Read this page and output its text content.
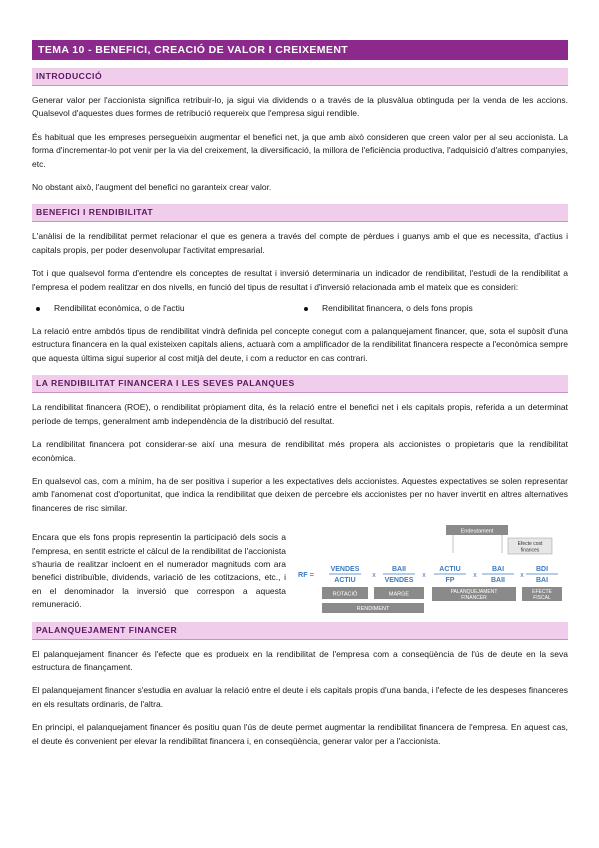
TEMA 10 - BENEFICI, CREACIÓ DE VALOR I CREIXEMENT
INTRODUCCIÓ

Generar valor per l'accionista significa retribuir-lo, ja sigui via dividends o a través de la plusvàlua obtinguda per la venda de les accions. Qualsevol d'aquestes dues formes de retribució requereix que l'empresa sigui rendible.

És habitual que les empreses persegueixin augmentar el benefici net, ja que amb això consideren que creen valor per al seu accionista. La forma d'incrementar-lo pot venir per la via del creixement, la diversificació, la millora de l'eficiència productiva, l'adquisició d'altres companyies, etc.

No obstant això, l'augment del benefici no garanteix crear valor.

BENEFICI I RENDIBILITAT

L'anàlisi de la rendibilitat permet relacionar el que es genera a través del compte de pèrdues i guanys amb el que es necessita, d'actius i capitals propis, per poder desenvolupar l'activitat empresarial.

Tot i que qualsevol forma d'entendre els conceptes de resultat i inversió determinaria un indicador de rendibilitat, l'estudi de la rendibilitat a l'empresa el podem realitzar en dos nivells, en funció del tipus de resultat i d'inversió relacionada amb el mateix que es consideri:

Rendibilitat econòmica, o de l'actiu	Rendibilitat financera, o dels fons propis

La relació entre ambdós tipus de rendibilitat vindrà definida pel concepte conegut com a palanquejament financer, que, sota el supòsit d'una estructura financera en la qual existeixen capitals aliens, actuarà com a amplificador de la rendibilitat financera respecte a l'econòmica sempre que aquesta última sigui superior al cost mitjà del deute, i com a reductor en cas contrari.

LA RENDIBILITAT FINANCERA I LES SEVES PALANQUES

La rendibilitat financera (ROE), o rendibilitat pròpiament dita, és la relació entre el benefici net i els capitals propis, referida a un determinat període de temps, generalment amb independència de la distribució del resultat.

La rendibilitat financera pot considerar-se així una mesura de rendibilitat més propera als accionistes o propietaris que la rendibilitat econòmica.

En qualsevol cas, com a mínim, ha de ser positiva i superior a les expectatives dels accionistes. Aquestes expectatives se solen representar amb l'anomenat cost d'oportunitat, que indica la rendibilitat que deixen de percebre els accionistes per no haver invertit en altres alternatives financeres de risc similar.

Encara que els fons propis representin la participació dels socis a l'empresa, en sentit estricte el càlcul de la rendibilitat de l'accionista s'hauria de realitzar incloent en el numerador magnituds com ara benefici distribuïble, dividends, variació de les cotitzacions, etc., i en el denominador la inversió que correspon a aquesta remuneració.

Endeutament
Efecte cost
finances
RF =
VENDES
ACTIU
BAII
VENDES
ACTIU
FP
BAI
BAII
BDI
BAI
x	x	x	x
ROTACIÓ	MARGE	PALANQUEJAMENT
FINANCER
EFECTE
FISCAL
RENDIMENT
PALANQUEJAMENT FINANCER

El palanquejament financer és l'efecte que es produeix en la rendibilitat de l'empresa com a conseqüència de l'ús de deute en la seva estructura de finançament.

El palanquejament financer s'estudia en avaluar la relació entre el deute i els capitals propis d'una banda, i l'efecte de les despeses financeres en els resultats ordinaris, de l'altra.

En principi, el palanquejament financer és positiu quan l'ús de deute permet augmentar la rendibilitat financera de l'empresa. En aquest cas, el deute és convenient per elevar la rendibilitat financera i, en conseqüència, generar valor per a l'accionista.
